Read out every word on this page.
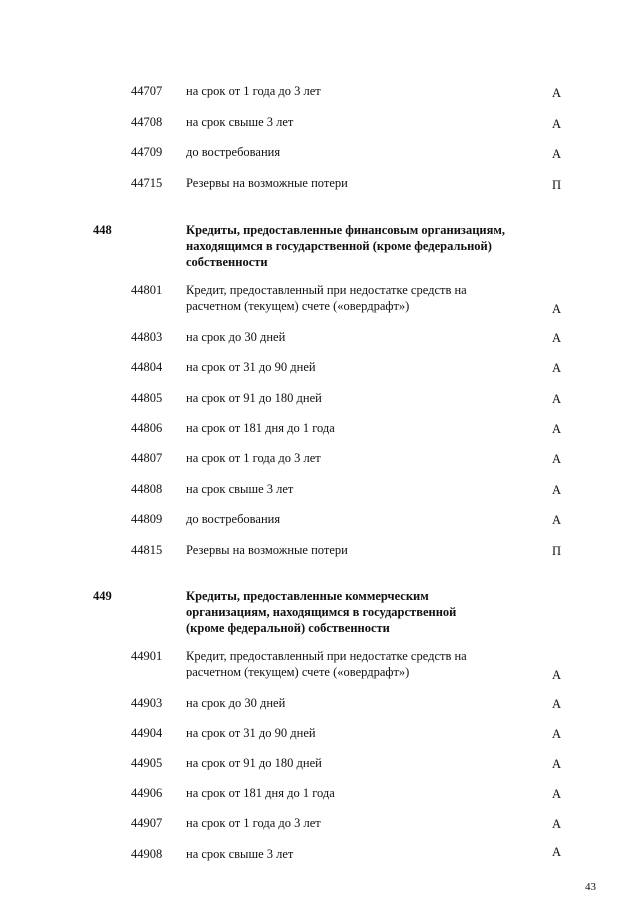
44707 на срок от 1 года до 3 лет	А
44708 на срок свыше 3 лет	А
44709 до востребования	А
44715 Резервы на возможные потери	П
448	Кредиты, предоставленные финансовым организациям, находящимся в государственной (кроме федеральной) собственности
44801 Кредит, предоставленный при недостатке средств на расчетном (текущем) счете («овердрафт»)	А
44803 на срок до 30 дней	А
44804 на срок от 31 до 90 дней	А
44805 на срок от 91 до 180 дней	А
44806 на срок от 181 дня до 1 года	А
44807 на срок от 1 года до 3 лет	А
44808 на срок свыше 3 лет	А
44809 до востребования	А
44815 Резервы на возможные потери	П
449	Кредиты, предоставленные коммерческим организациям, находящимся в государственной (кроме федеральной) собственности
44901 Кредит, предоставленный при недостатке средств на расчетном (текущем) счете («овердрафт»)	А
44903 на срок до 30 дней	А
44904 на срок от 31 до 90 дней	А
44905 на срок от 91 до 180 дней	А
44906 на срок от 181 дня до 1 года	А
44907 на срок от 1 года до 3 лет	А
44908 на срок свыше 3 лет	А
43
